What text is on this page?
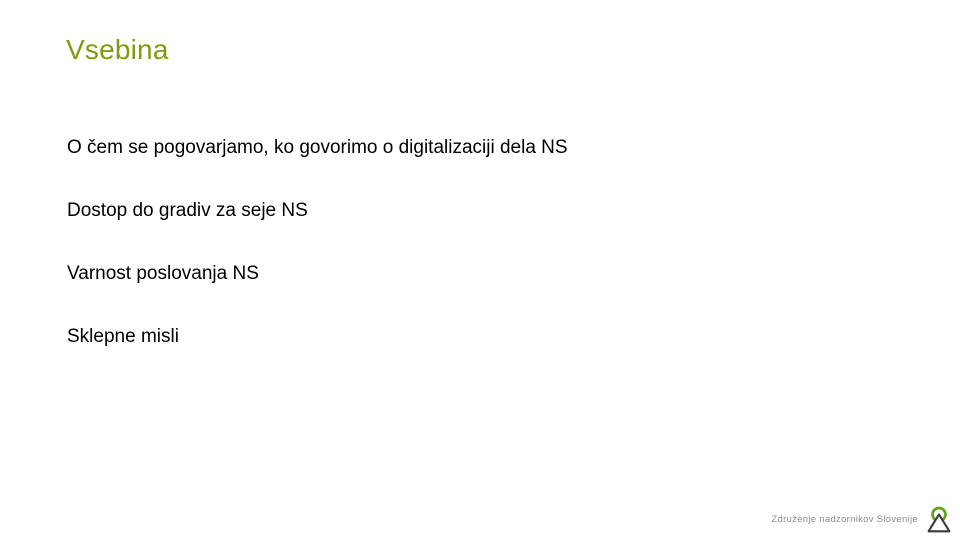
Vsebina

O čem se pogovarjamo, ko govorimo o digitalizaciji dela NS

Dostop do gradiv za seje NS

Varnost poslovanja NS

Sklepne misli

Združenje nadzornikov Slovenije
